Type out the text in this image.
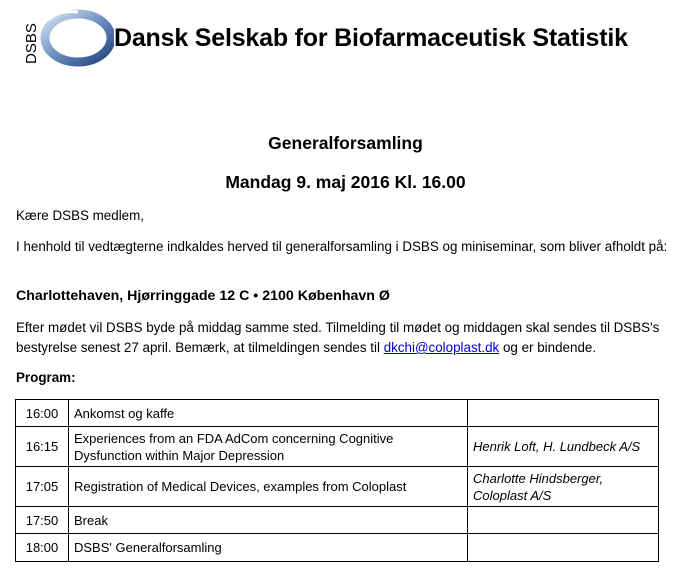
DSBS	Dansk Selskab for Biofarmaceutisk Statistik
Generalforsamling
Mandag 9. maj 2016 Kl. 16.00
Kære DSBS medlem,
I henhold til vedtægterne indkaldes herved til generalforsamling i DSBS og miniseminar, som bliver afholdt på:
Charlottehaven, Hjørringgade 12 C • 2100 København Ø
Efter mødet vil DSBS byde på middag samme sted. Tilmelding til mødet og middagen skal sendes til DSBS's bestyrelse senest 27 april. Bemærk, at tilmeldingen sendes til dkchi@coloplast.dk og er bindende.
Program:
16:00	Ankomst og kaffe	
16:15	Experiences from an FDA AdCom concerning Cognitive Dysfunction within Major Depression	Henrik Loft, H. Lundbeck A/S
17:05	Registration of Medical Devices, examples from Coloplast	Charlotte Hindsberger, Coloplast A/S
17:50	Break	
18:00	DSBS' Generalforsamling	
